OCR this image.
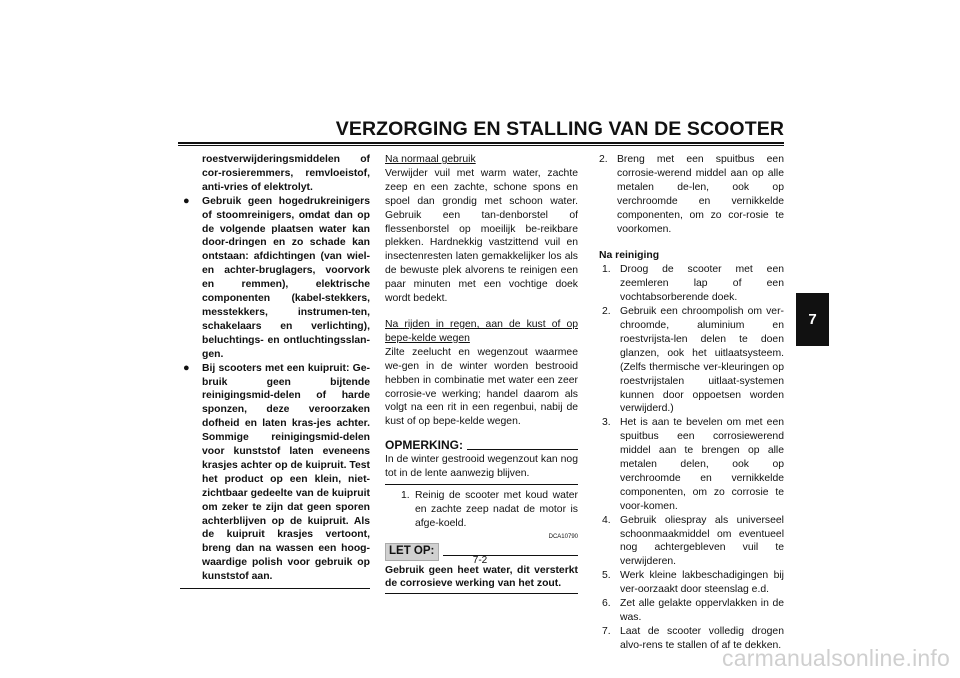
VERZORGING EN STALLING VAN DE SCOOTER

roestverwijderingsmiddelen of cor-rosieremmers, remvloeistof, anti-vries of elektrolyt.

● Gebruik geen hogedrukreinigers of stoomreinigers, omdat dan op de volgende plaatsen water kan door-dringen en zo schade kan ontstaan: afdichtingen (van wiel- en achter-bruglagers, voorvork en remmen), elektrische componenten (kabel-stekkers, messtekkers, instrumen-ten, schakelaars en verlichting), beluchtings- en ontluchtingsslan-gen.
● Bij scooters met een kuipruit: Ge-bruik geen bijtende reinigingsmid-delen of harde sponzen, deze veroorzaken dofheid en laten kras-jes achter. Sommige reinigingsmid-delen voor kunststof laten eveneens krasjes achter op de kuipruit. Test het product op een klein, niet-zichtbaar gedeelte van de kuipruit om zeker te zijn dat geen sporen achterblijven op de kuipruit. Als de kuipruit krasjes vertoont, breng dan na wassen een hoog-waardige polish voor gebruik op kunststof aan.

Na normaal gebruik

Verwijder vuil met warm water, zachte zeep en een zachte, schone spons en spoel dan grondig met schoon water. Gebruik een tan-denborstel of flessenborstel op moeilijk be-reikbare plekken. Hardnekkig vastzittend vuil en insectenresten laten gemakkelijker los als de bewuste plek alvorens te reinigen een paar minuten met een vochtige doek wordt bedekt.

Na rijden in regen, aan de kust of op bepe-kelde wegen

Zilte zeelucht en wegenzout waarmee we-gen in de winter worden bestrooid hebben in combinatie met water een zeer corrosie-ve werking; handel daarom als volgt na een rit in een regenbui, nabij de kust of op bepe-kelde wegen.

OPMERKING:
In de winter gestrooid wegenzout kan nog tot in de lente aanwezig blijven.
1. Reinig de scooter met koud water en zachte zeep nadat de motor is afge-koeld.
DCA10790
LET OP:
Gebruik geen heet water, dit versterkt de corrosieve werking van het zout.
2. Breng met een spuitbus een corrosie-werend middel aan op alle metalen de-len, ook op verchroomde en vernikkelde componenten, om zo cor-rosie te voorkomen.

Na reiniging

1. Droog de scooter met een zeemleren lap of een vochtabsorberende doek.
2. Gebruik een chroompolish om ver-chroomde, aluminium en roestvrijsta-len delen te doen glanzen, ook het uitlaatsysteem. (Zelfs thermische ver-kleuringen op roestvrijstalen uitlaat-systemen kunnen door oppoetsen worden verwijderd.)
3. Het is aan te bevelen om met een spuitbus een corrosiewerend middel aan te brengen op alle metalen delen, ook op verchroomde en vernikkelde componenten, om zo corrosie te voor-komen.
4. Gebruik oliespray als universeel schoonmaakmiddel om eventueel nog achtergebleven vuil te verwijderen.
5. Werk kleine lakbeschadigingen bij ver-oorzaakt door steenslag e.d.
6. Zet alle gelakte oppervlakken in de was.
7. Laat de scooter volledig drogen alvo-rens te stallen of af te dekken.
7
7-2
carmanualsonline.info
